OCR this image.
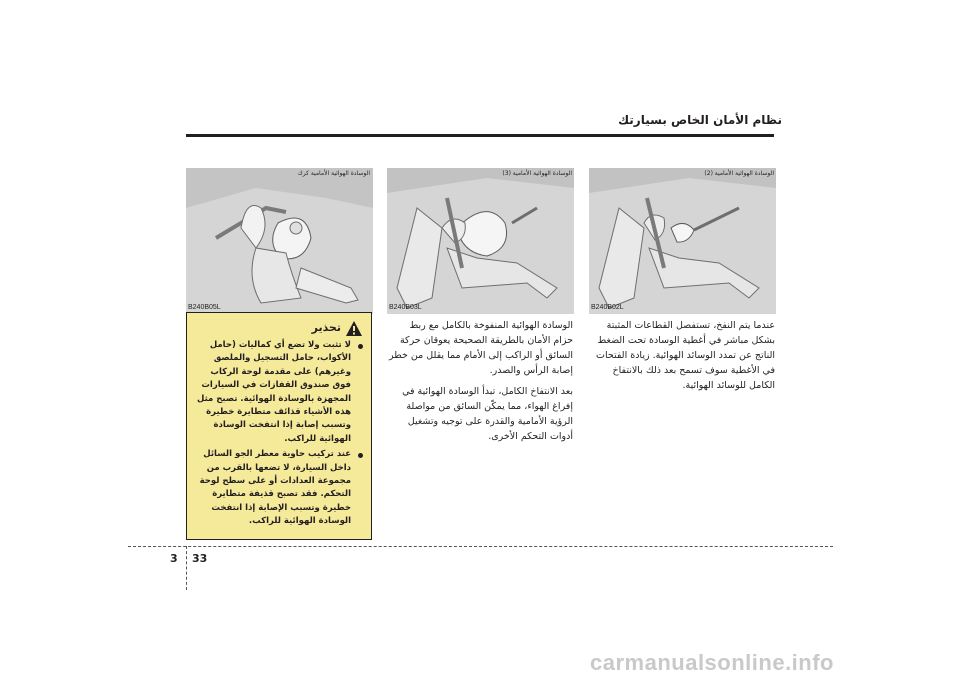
نظام الأمان الخاص بسيارتك
الوسادة الهوائية الأمامية كرك
B240B05L
الوسادة الهوائية الأمامية (3)
B240B03L
الوسادة الهوائية الأمامية (2)
B240B02L

عندما يتم النفخ، تستفصل القطاعات المثبتة بشكل مباشر في أغطية الوسادة تحت الضغط الناتج عن تمدد الوسائد الهوائية. زيادة الفتحات في الأغطية سوف تسمح بعد ذلك بالانتفاخ الكامل للوسائد الهوائية.

الوسادة الهوائية المنفوخة بالكامل مع ربط حزام الأمان بالطريقة الصحيحة يعوقان حركة السائق أو الراكب إلى الأمام مما يقلل من خطر إصابة الرأس والصدر.

بعد الانتفاخ الكامل، تبدأ الوسادة الهوائية في إفراغ الهواء، مما يمكّن السائق من مواصلة الرؤية الأمامية والقدرة على توجيه وتشغيل أدوات التحكم الأخرى.

تحذير
لا تثبت ولا تضع أي كماليات (حامل الأكواب، حامل التسجيل والملصق وغيرهم) على مقدمة لوحة الركاب فوق صندوق القفازات في السيارات المجهزة بالوسادة الهوائية. تصبح مثل هذه الأشياء قذائف متطايرة خطيرة وتسبب إصابة إذا انتفخت الوسادة الهوائية للراكب.
عند تركيب حاوية معطر الجو السائل داخل السيارة، لا تضعها بالقرب من مجموعة العدادات أو على سطح لوحة التحكم. فقد تصبح قذيفة متطايرة خطيرة وتسبب الإصابة إذا انتفخت الوسادة الهوائية للراكب.
3 33
carmanualsonline.info
